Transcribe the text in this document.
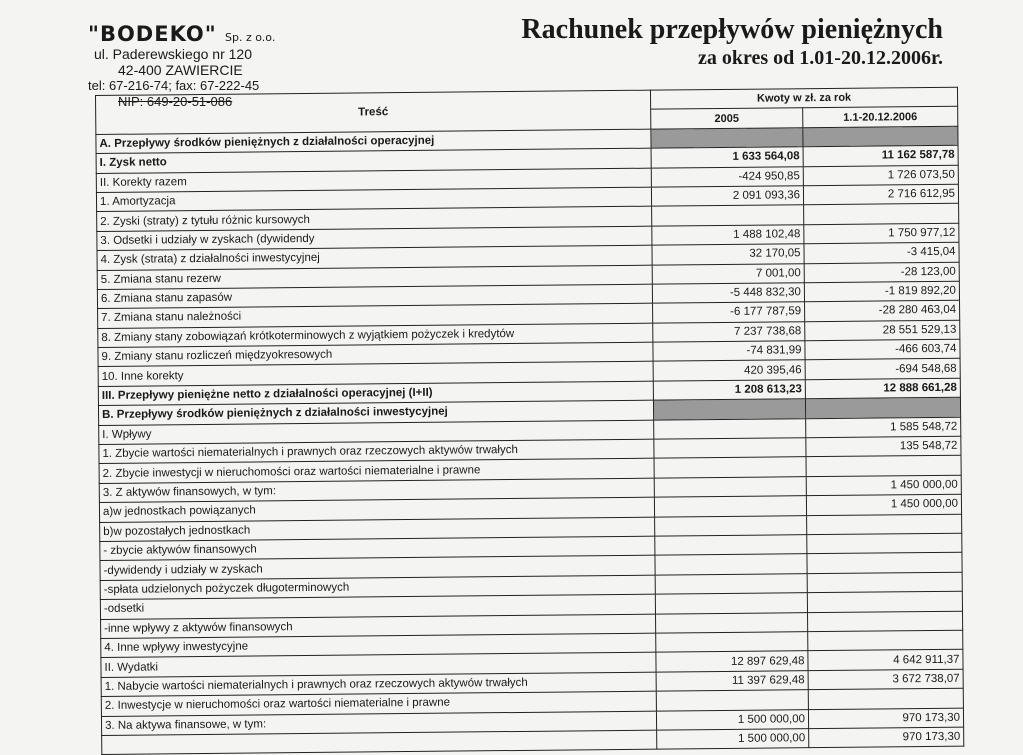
"BODEKO" Sp. z o.o.
ul. Paderewskiego nr 120
42-400 ZAWIERCIE
tel: 67-216-74; fax: 67-222-45
NIP: 649-20-51-086
Rachunek przepływów pieniężnych
za okres od 1.01-20.12.2006r.
Treść	Kwoty w zł. za rok	
	2005	1.1-20.12.2006
A. Przepływy środków pieniężnych z działalności operacyjnej		
I. Zysk netto	1 633 564,08	11 162 587,78
II. Korekty razem	-424 950,85	1 726 073,50
1. Amortyzacja	2 091 093,36	2 716 612,95
2. Zyski (straty) z tytułu różnic kursowych		
3. Odsetki i udziały w zyskach (dywidendy	1 488 102,48	1 750 977,12
4. Zysk (strata) z działalności inwestycyjnej	32 170,05	-3 415,04
5. Zmiana stanu rezerw	7 001,00	-28 123,00
6. Zmiana stanu zapasów	-5 448 832,30	-1 819 892,20
7. Zmiana stanu należności	-6 177 787,59	-28 280 463,04
8. Zmiany stany zobowiązań krótkoterminowych z wyjątkiem pożyczek i kredytów	7 237 738,68	28 551 529,13
9. Zmiany stanu rozliczeń międzyokresowych	-74 831,99	-466 603,74
10. Inne korekty	420 395,46	-694 548,68
III. Przepływy pieniężne netto z działalności operacyjnej (I+II)	1 208 613,23	12 888 661,28
B. Przepływy środków pieniężnych z działalności inwestycyjnej		
I. Wpływy		1 585 548,72
1. Zbycie wartości niematerialnych i prawnych oraz rzeczowych aktywów trwałych		135 548,72
2. Zbycie inwestycji w nieruchomości oraz wartości niematerialne i prawne		
3. Z aktywów finansowych, w tym:		1 450 000,00
a)w jednostkach powiązanych		1 450 000,00
b)w pozostałych jednostkach		
- zbycie aktywów finansowych		
-dywidendy i udziały w zyskach		
-spłata udzielonych pożyczek długoterminowych		
-odsetki		
-inne wpływy z aktywów finansowych		
4. Inne wpływy inwestycyjne		
II. Wydatki	12 897 629,48	4 642 911,37
1. Nabycie wartości niematerialnych i prawnych oraz rzeczowych aktywów trwałych	11 397 629,48	3 672 738,07
2. Inwestycje w nieruchomości oraz wartości niematerialne i prawne		
3. Na aktywa finansowe, w tym:	1 500 000,00	970 173,30
	1 500 000,00	970 173,30
